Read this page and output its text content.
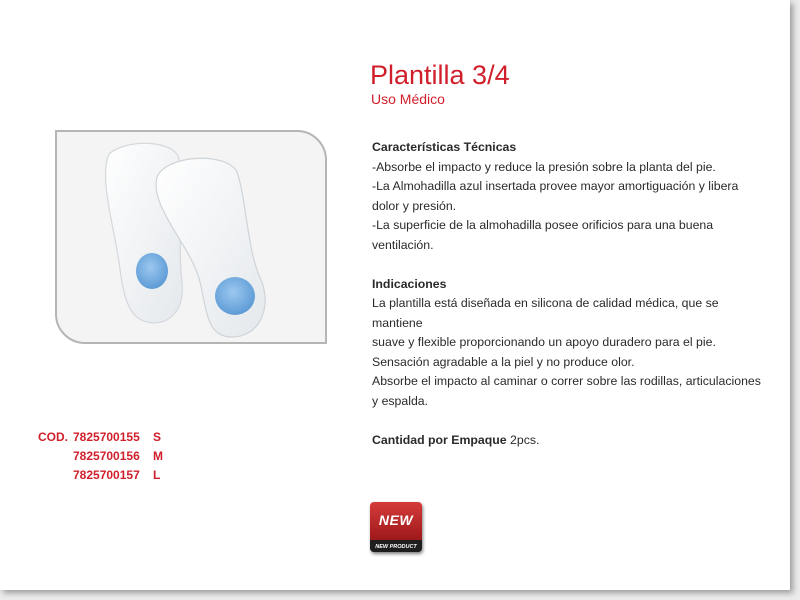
Plantilla 3/4
Uso Médico

Características Técnicas

-Absorbe el impacto y reduce la presión sobre la planta del pie.

-La Almohadilla azul insertada provee mayor amortiguación y libera

dolor y presión.

-La superficie de la almohadilla posee orificios para una buena

ventilación.

Indicaciones

La plantilla está diseñada en silicona de calidad médica, que se mantiene

suave y flexible proporcionando un apoyo duradero para el pie.

Sensación agradable a la piel y no produce olor.

Absorbe el impacto al caminar o correr sobre las rodillas, articulaciones

y espalda.

Cantidad por Empaque 2pcs.

COD. 7825700155	S
7825700156	M
7825700157	L
NEW
NEW PRODUCT
